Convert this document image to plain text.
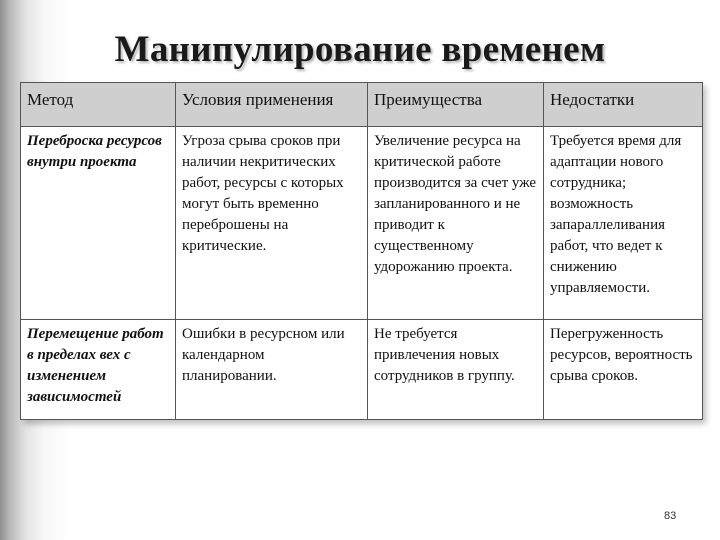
Манипулирование временем
Метод	Условия применения	Преимущества	Недостатки
Переброска ресурсов внутри проекта	Угроза срыва сроков при наличии некритических работ, ресурсы с которых могут быть временно переброшены на критические.	Увеличение ресурса на критической работе производится за счет уже запланированного и не приводит к существенному удорожанию проекта.	Требуется время для адаптации нового сотрудника; возможность запараллеливания работ, что ведет к снижению управляемости.
Перемещение работ в пределах вех с изменением зависимостей	Ошибки в ресурсном или календарном планировании.	Не требуется привлечения новых сотрудников в группу.	Перегруженность ресурсов, вероятность срыва сроков.
83
